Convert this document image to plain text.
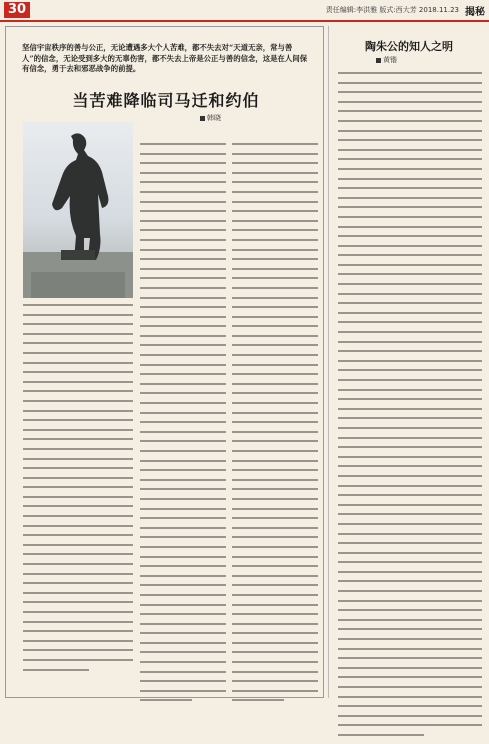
30	责任编辑:李洪雅 版式:西大芳 2018.11.23 揭秘
坚信宇宙秩序的善与公正，无论遭遇多大个人苦难，都不失去对“天道无亲，常与善人”的信念，无论受到多大的无辜伤害，都不失去上帝是公正与善的信念，这是在人间保有信念，勇于去和邪恶战争的前提。
当苦难降临司马迁和约伯
韩晓
陶朱公的知人之明
黄锴
